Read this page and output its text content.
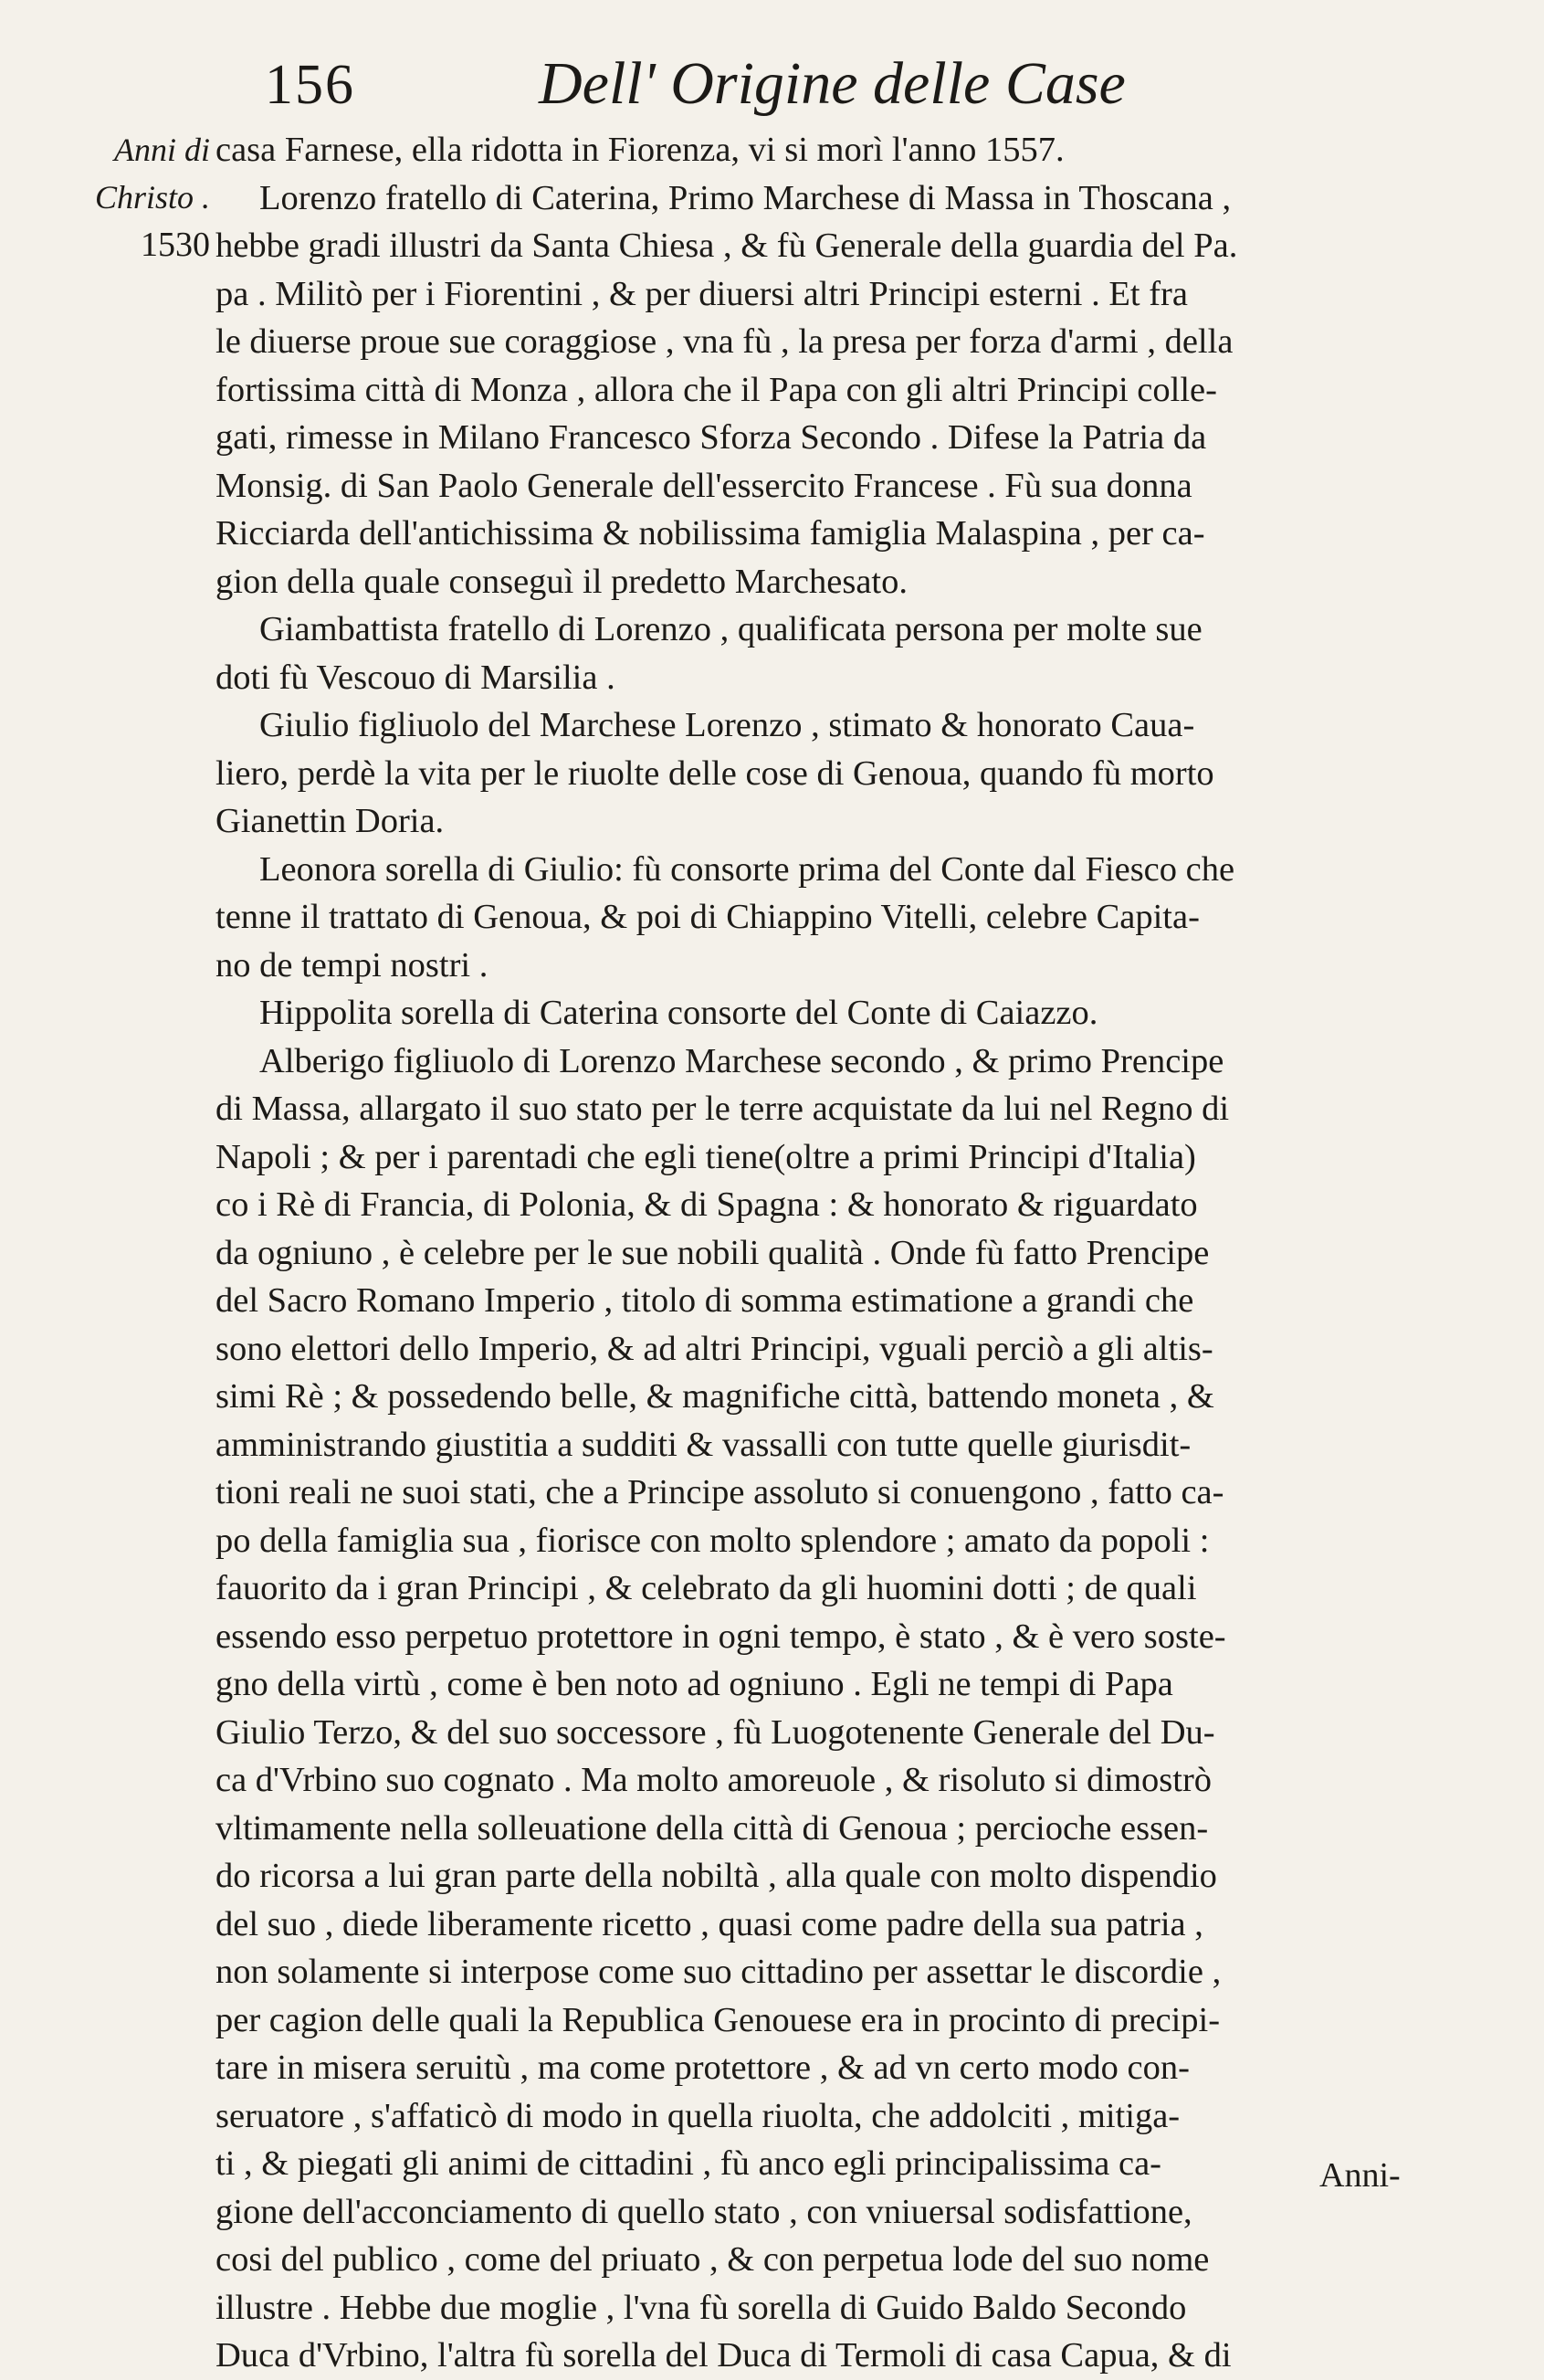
156	Dell' Origine delle Case
Anni di
Christo .
1530
casa Farnese, ella ridotta in Fiorenza, vi si morì l'anno 1557.
Lorenzo fratello di Caterina, Primo Marchese di Massa in Thoscana ,
hebbe gradi illustri da Santa Chiesa , & fù Generale della guardia del Pa.
pa . Militò per i Fiorentini , & per diuersi altri Principi esterni . Et fra
le diuerse proue sue coraggiose , vna fù , la presa per forza d'armi , della
fortissima città di Monza , allora che il Papa con gli altri Principi colle-
gati, rimesse in Milano Francesco Sforza Secondo . Difese la Patria da
Monsig. di San Paolo Generale dell'essercito Francese . Fù sua donna
Ricciarda dell'antichissima & nobilissima famiglia Malaspina , per ca-
gion della quale conseguì il predetto Marchesato.
Giambattista fratello di Lorenzo , qualificata persona per molte sue
doti fù Vescouo di Marsilia .
Giulio figliuolo del Marchese Lorenzo , stimato & honorato Caua-
liero, perdè la vita per le riuolte delle cose di Genoua, quando fù morto
Gianettin Doria.
Leonora sorella di Giulio: fù consorte prima del Conte dal Fiesco che
tenne il trattato di Genoua, & poi di Chiappino Vitelli, celebre Capita-
no de tempi nostri .
Hippolita sorella di Caterina consorte del Conte di Caiazzo.
Alberigo figliuolo di Lorenzo Marchese secondo , & primo Prencipe
di Massa, allargato il suo stato per le terre acquistate da lui nel Regno di
Napoli ; & per i parentadi che egli tiene(oltre a primi Principi d'Italia)
co i Rè di Francia, di Polonia, & di Spagna : & honorato & riguardato
da ogniuno , è celebre per le sue nobili qualità . Onde fù fatto Prencipe
del Sacro Romano Imperio , titolo di somma estimatione a grandi che
sono elettori dello Imperio, & ad altri Principi, vguali perciò a gli altis-
simi Rè ; & possedendo belle, & magnifiche città, battendo moneta , &
amministrando giustitia a sudditi & vassalli con tutte quelle giurisdit-
tioni reali ne suoi stati, che a Principe assoluto si conuengono , fatto ca-
po della famiglia sua , fiorisce con molto splendore ; amato da popoli :
fauorito da i gran Principi , & celebrato da gli huomini dotti ; de quali
essendo esso perpetuo protettore in ogni tempo, è stato , & è vero soste-
gno della virtù , come è ben noto ad ogniuno . Egli ne tempi di Papa
Giulio Terzo, & del suo soccessore , fù Luogotenente Generale del Du-
ca d'Vrbino suo cognato . Ma molto amoreuole , & risoluto si dimostrò
vltimamente nella solleuatione della città di Genoua ; percioche essen-
do ricorsa a lui gran parte della nobiltà , alla quale con molto dispendio
del suo , diede liberamente ricetto , quasi come padre della sua patria ,
non solamente si interpose come suo cittadino per assettar le discordie ,
per cagion delle quali la Republica Genouese era in procinto di precipi-
tare in misera seruitù , ma come protettore , & ad vn certo modo con-
seruatore , s'affaticò di modo in quella riuolta, che addolciti , mitiga-
ti , & piegati gli animi de cittadini , fù anco egli principalissima ca-
gione dell'acconciamento di quello stato , con vniuersal sodisfattione,
cosi del publico , come del priuato , & con perpetua lode del suo nome
illustre . Hebbe due moglie , l'vna fù sorella di Guido Baldo Secondo
Duca d'Vrbino, l'altra fù sorella del Duca di Termoli di casa Capua, & di
Anni-
